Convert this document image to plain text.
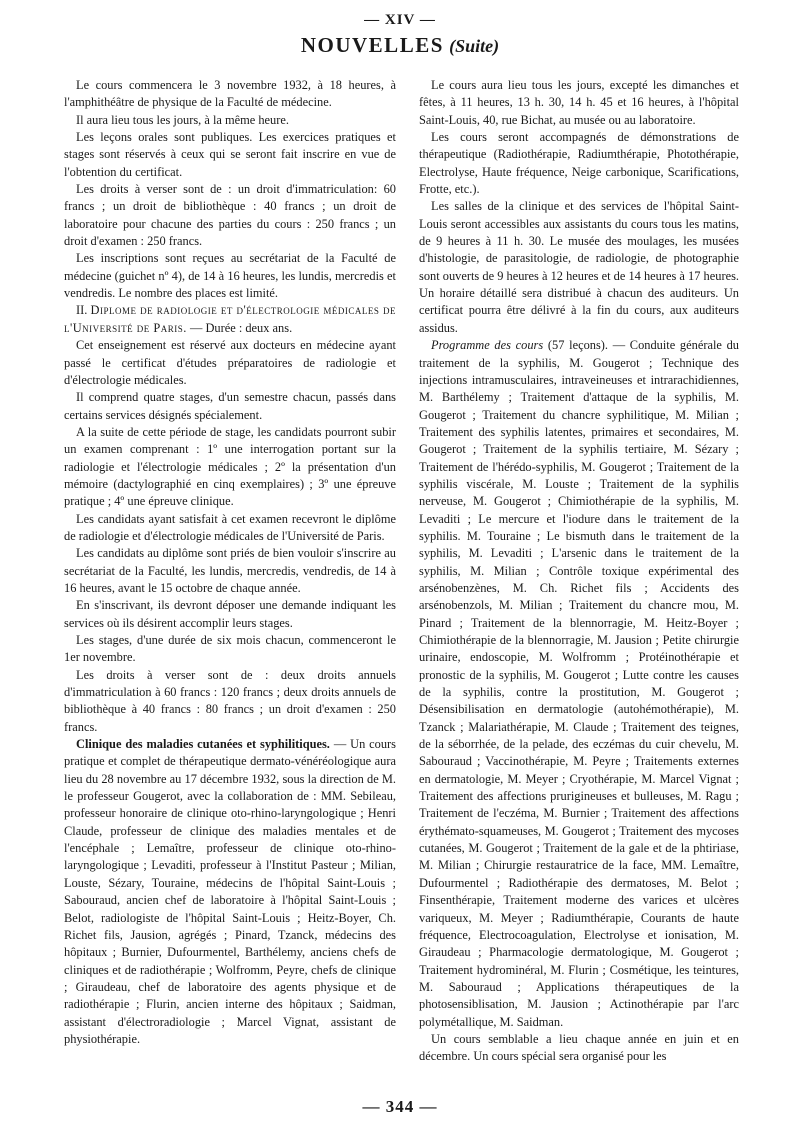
— XIV —
NOUVELLES (Suite)

Le cours commencera le 3 novembre 1932, à 18 heures, à l'amphithéâtre de physique de la Faculté de médecine.

Il aura lieu tous les jours, à la même heure.

Les leçons orales sont publiques. Les exercices pratiques et stages sont réservés à ceux qui se seront fait inscrire en vue de l'obtention du certificat.

Les droits à verser sont de : un droit d'immatriculation: 60 francs ; un droit de bibliothèque : 40 francs ; un droit de laboratoire pour chacune des parties du cours : 250 francs ; un droit d'examen : 250 francs.

Les inscriptions sont reçues au secrétariat de la Faculté de médecine (guichet nº 4), de 14 à 16 heures, les lundis, mercredis et vendredis. Le nombre des places est limité.

II. Diplome de radiologie et d'électrologie médicales de l'Université de Paris. — Durée : deux ans.

Cet enseignement est réservé aux docteurs en médecine ayant passé le certificat d'études préparatoires de radiologie et d'électrologie médicales.

Il comprend quatre stages, d'un semestre chacun, passés dans certains services désignés spécialement.

A la suite de cette période de stage, les candidats pourront subir un examen comprenant : 1º une interrogation portant sur la radiologie et l'électrologie médicales ; 2º la présentation d'un mémoire (dactylographié en cinq exemplaires) ; 3º une épreuve pratique ; 4º une épreuve clinique.

Les candidats ayant satisfait à cet examen recevront le diplôme de radiologie et d'électrologie médicales de l'Université de Paris.

Les candidats au diplôme sont priés de bien vouloir s'inscrire au secrétariat de la Faculté, les lundis, mercredis, vendredis, de 14 à 16 heures, avant le 15 octobre de chaque année.

En s'inscrivant, ils devront déposer une demande indiquant les services où ils désirent accomplir leurs stages.

Les stages, d'une durée de six mois chacun, commenceront le 1er novembre.

Les droits à verser sont de : deux droits annuels d'immatriculation à 60 francs : 120 francs ; deux droits annuels de bibliothèque à 40 francs : 80 francs ; un droit d'examen : 250 francs.

Clinique des maladies cutanées et syphilitiques. — Un cours pratique et complet de thérapeutique dermato-vénéréologique aura lieu du 28 novembre au 17 décembre 1932, sous la direction de M. le professeur Gougerot, avec la collaboration de : MM. Sebileau, professeur honoraire de clinique oto-rhino-laryngologique ; Henri Claude, professeur de clinique des maladies mentales et de l'encéphale ; Lemaître, professeur de clinique oto-rhino-laryngologique ; Levaditi, professeur à l'Institut Pasteur ; Milian, Louste, Sézary, Touraine, médecins de l'hôpital Saint-Louis ; Sabouraud, ancien chef de laboratoire à l'hôpital Saint-Louis ; Belot, radiologiste de l'hôpital Saint-Louis ; Heitz-Boyer, Ch. Richet fils, Jausion, agrégés ; Pinard, Tzanck, médecins des hôpitaux ; Burnier, Dufourmentel, Barthélemy, anciens chefs de cliniques et de radiothérapie ; Wolfromm, Peyre, chefs de clinique ; Giraudeau, chef de laboratoire des agents physique et de radiothérapie ; Flurin, ancien interne des hôpitaux ; Saidman, assistant d'électroradiologie ; Marcel Vignat, assistant de physiothérapie.

Le cours aura lieu tous les jours, excepté les dimanches et fêtes, à 11 heures, 13 h. 30, 14 h. 45 et 16 heures, à l'hôpital Saint-Louis, 40, rue Bichat, au musée ou au laboratoire.

Les cours seront accompagnés de démonstrations de thérapeutique (Radiothérapie, Radiumthérapie, Photothérapie, Electrolyse, Haute fréquence, Neige carbonique, Scarifications, Frotte, etc.).

Les salles de la clinique et des services de l'hôpital Saint-Louis seront accessibles aux assistants du cours tous les matins, de 9 heures à 11 h. 30. Le musée des moulages, les musées d'histologie, de parasitologie, de radiologie, de photographie sont ouverts de 9 heures à 12 heures et de 14 heures à 17 heures. Un horaire détaillé sera distribué à chacun des auditeurs. Un certificat pourra être délivré à la fin du cours, aux auditeurs assidus.

Programme des cours (57 leçons). — Conduite générale du traitement de la syphilis, M. Gougerot ; Technique des injections intramusculaires, intraveineuses et intrarachidiennes, M. Barthélemy ; Traitement d'attaque de la syphilis, M. Gougerot ; Traitement du chancre syphilitique, M. Milian ; Traitement des syphilis latentes, primaires et secondaires, M. Gougerot ; Traitement de la syphilis tertiaire, M. Sézary ; Traitement de l'hérédo-syphilis, M. Gougerot ; Traitement de la syphilis viscérale, M. Louste ; Traitement de la syphilis nerveuse, M. Gougerot ; Chimiothérapie de la syphilis, M. Levaditi ; Le mercure et l'iodure dans le traitement de la syphilis. M. Touraine ; Le bismuth dans le traitement de la syphilis, M. Levaditi ; L'arsenic dans le traitement de la syphilis, M. Milian ; Contrôle toxique expérimental des arsénobenzènes, M. Ch. Richet fils ; Accidents des arsénobenzols, M. Milian ; Traitement du chancre mou, M. Pinard ; Traitement de la blennorragie, M. Heitz-Boyer ; Chimiothérapie de la blennorragie, M. Jausion ; Petite chirurgie urinaire, endoscopie, M. Wolfromm ; Protéinothérapie et pronostic de la syphilis, M. Gougerot ; Lutte contre les causes de la syphilis, contre la prostitution, M. Gougerot ; Désensibilisation en dermatologie (autohémothérapie), M. Tzanck ; Malariathérapie, M. Claude ; Traitement des teignes, de la séborrhée, de la pelade, des eczémas du cuir chevelu, M. Sabouraud ; Vaccinothérapie, M. Peyre ; Traitements externes en dermatologie, M. Meyer ; Cryothérapie, M. Marcel Vignat ; Traitement des affections prurigineuses et bulleuses, M. Ragu ; Traitement de l'eczéma, M. Burnier ; Traitement des affections érythémato-squameuses, M. Gougerot ; Traitement des mycoses cutanées, M. Gougerot ; Traitement de la gale et de la phtiriase, M. Milian ; Chirurgie restauratrice de la face, MM. Lemaître, Dufourmentel ; Radiothérapie des dermatoses, M. Belot ; Finsenthérapie, Traitement moderne des varices et ulcères variqueux, M. Meyer ; Radiumthérapie, Courants de haute fréquence, Electrocoagulation, Electrolyse et ionisation, M. Giraudeau ; Pharmacologie dermatologique, M. Gougerot ; Traitement hydrominéral, M. Flurin ; Cosmétique, les teintures, M. Sabouraud ; Applications thérapeutiques de la photosensiblisation, M. Jausion ; Actinothérapie par l'arc polymétallique, M. Saidman.

Un cours semblable a lieu chaque année en juin et en décembre. Un cours spécial sera organisé pour les

— 344 —
